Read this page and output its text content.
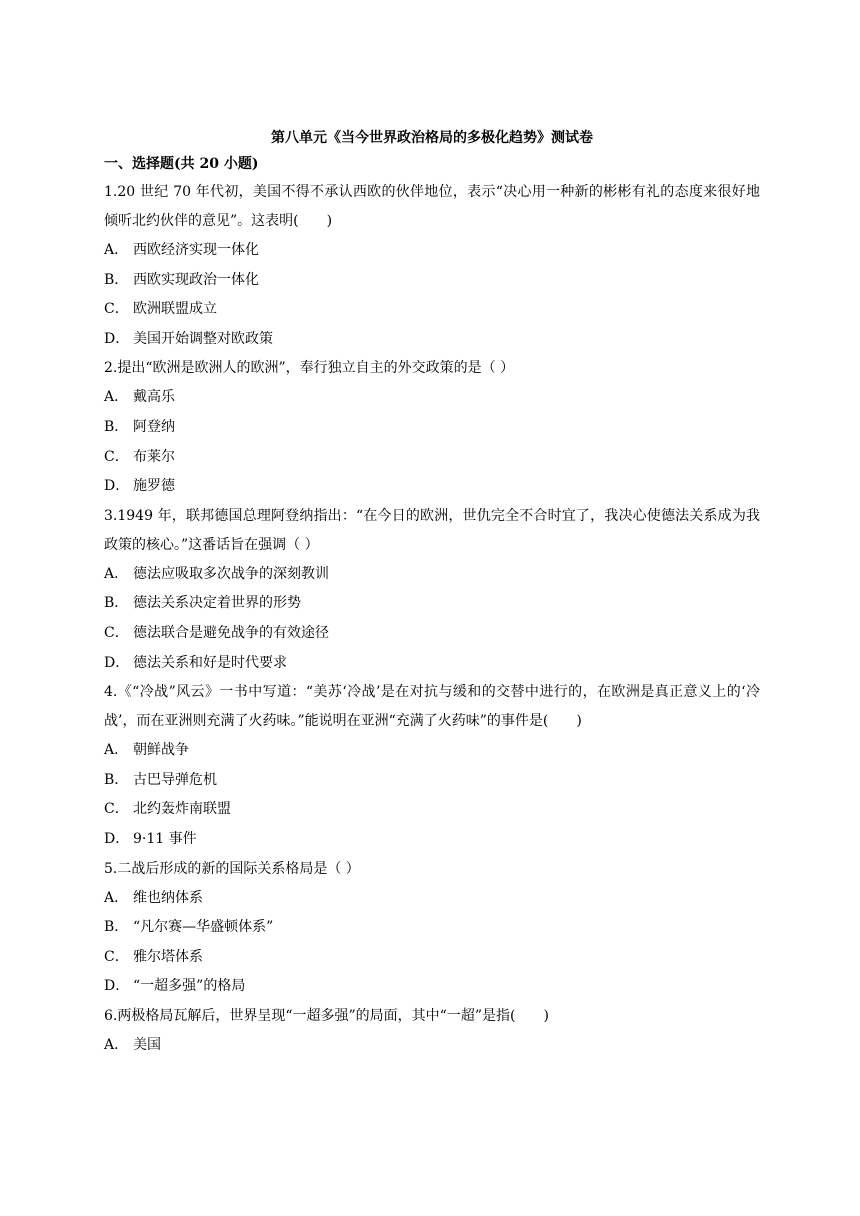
第八单元《当今世界政治格局的多极化趋势》测试卷
一、选择题(共 20 小题)
1.20 世纪 70 年代初，美国不得不承认西欧的伙伴地位，表示“决心用一种新的彬彬有礼的态度来很好地倾听北约伙伴的意见”。这表明(　　)
A． 西欧经济实现一体化
B． 西欧实现政治一体化
C． 欧洲联盟成立
D． 美国开始调整对欧政策
2.提出“欧洲是欧洲人的欧洲”，奉行独立自主的外交政策的是（ ）
A． 戴高乐
B． 阿登纳
C． 布莱尔
D． 施罗德
3.1949 年，联邦德国总理阿登纳指出：“在今日的欧洲，世仇完全不合时宜了，我决心使德法关系成为我政策的核心。”这番话旨在强调（ ）
A． 德法应吸取多次战争的深刻教训
B． 德法关系决定着世界的形势
C． 德法联合是避免战争的有效途径
D． 德法关系和好是时代要求
4.《“冷战”风云》一书中写道：“美苏‘冷战’是在对抗与缓和的交替中进行的，在欧洲是真正意义上的‘冷战’，而在亚洲则充满了火药味。”能说明在亚洲“充满了火药味”的事件是(　　)
A． 朝鲜战争
B． 古巴导弹危机
C． 北约轰炸南联盟
D． 9·11 事件
5.二战后形成的新的国际关系格局是（ ）
A． 维也纳体系
B． “凡尔赛—华盛顿体系”
C． 雅尔塔体系
D． “一超多强”的格局
6.两极格局瓦解后，世界呈现“一超多强”的局面，其中“一超”是指(　　)
A． 美国
